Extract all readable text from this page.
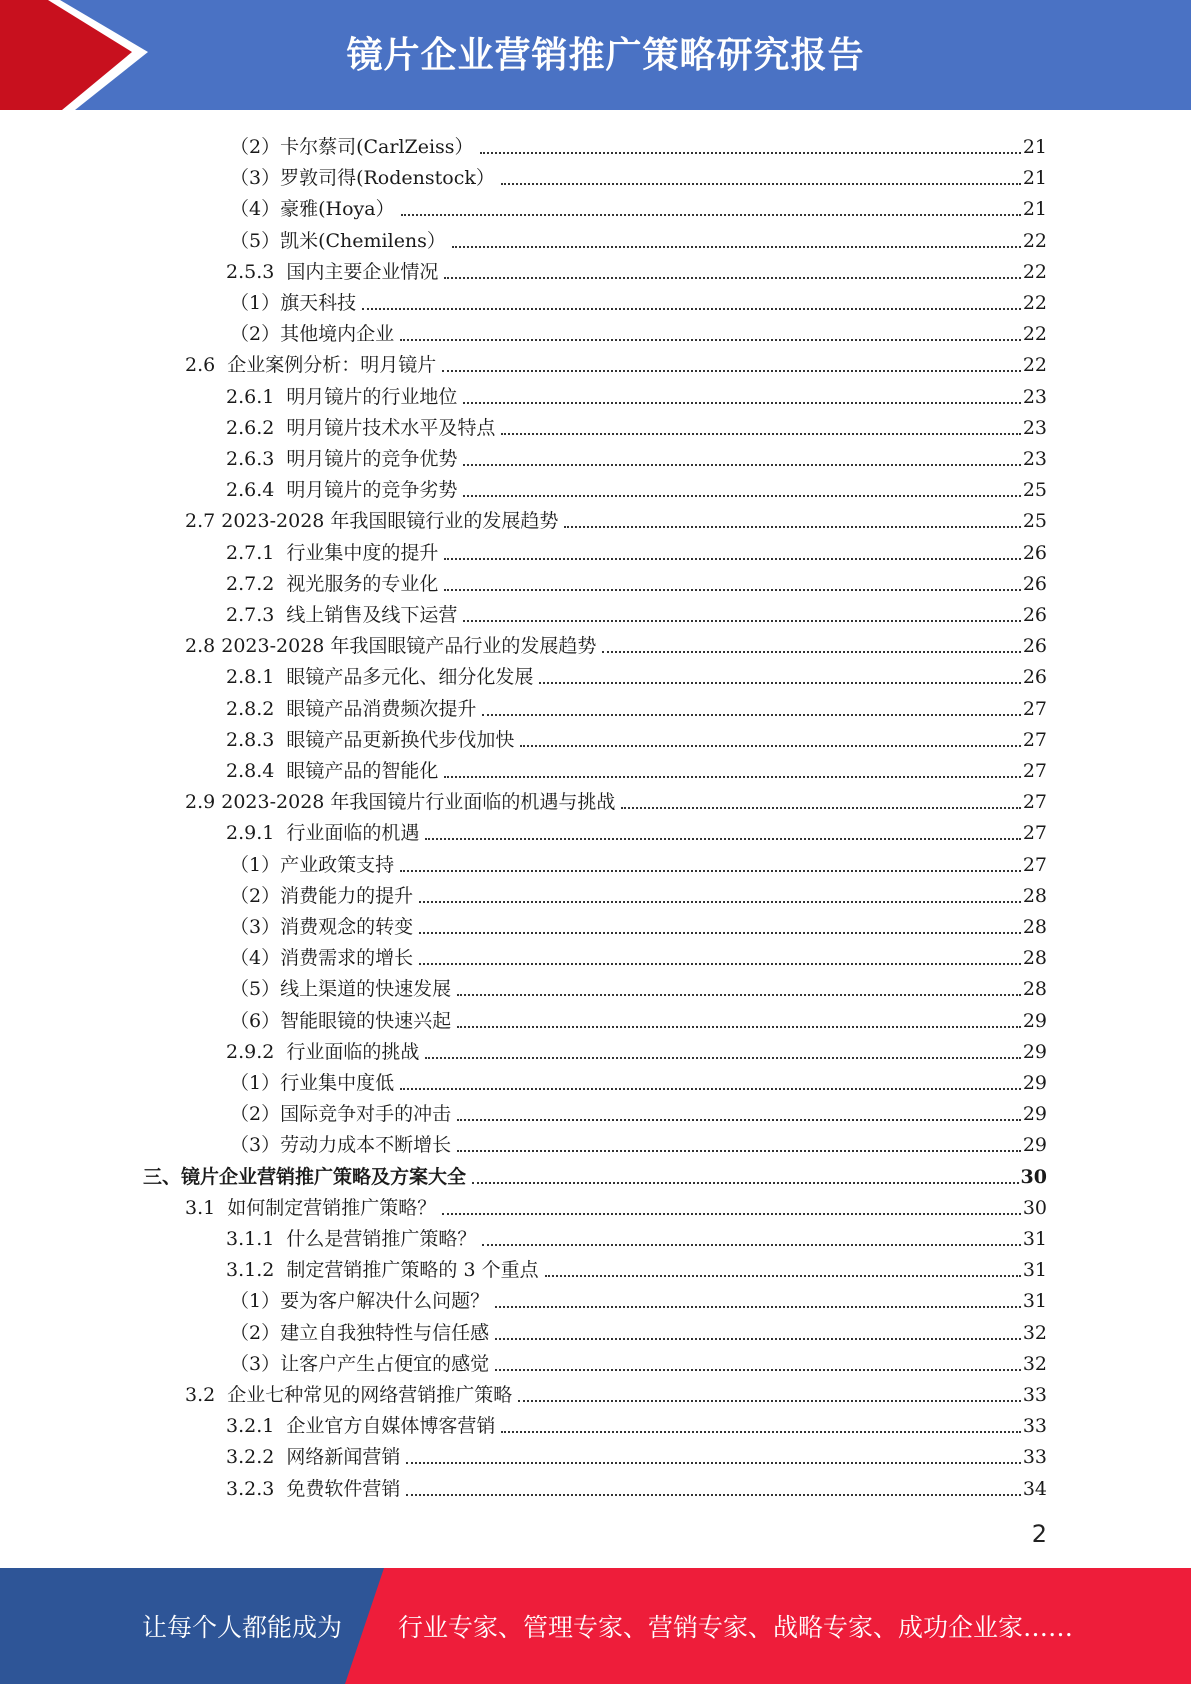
镜片企业营销推广策略研究报告
（2）卡尔蔡司(CarlZeiss）	21
（3）罗敦司得(Rodenstock）	21
（4）豪雅(Hoya）	21
（5）凯米(Chemilens）	22
2.5.3  国内主要企业情况	22
（1）旗天科技	22
（2）其他境内企业	22
2.6  企业案例分析：明月镜片	22
2.6.1  明月镜片的行业地位	23
2.6.2  明月镜片技术水平及特点	23
2.6.3  明月镜片的竞争优势	23
2.6.4  明月镜片的竞争劣势	25
2.7 2023-2028 年我国眼镜行业的发展趋势	25
2.7.1  行业集中度的提升	26
2.7.2  视光服务的专业化	26
2.7.3  线上销售及线下运营	26
2.8 2023-2028 年我国眼镜产品行业的发展趋势	26
2.8.1  眼镜产品多元化、细分化发展	26
2.8.2  眼镜产品消费频次提升	27
2.8.3  眼镜产品更新换代步伐加快	27
2.8.4  眼镜产品的智能化	27
2.9 2023-2028 年我国镜片行业面临的机遇与挑战	27
2.9.1  行业面临的机遇	27
（1）产业政策支持	27
（2）消费能力的提升	28
（3）消费观念的转变	28
（4）消费需求的增长	28
（5）线上渠道的快速发展	28
（6）智能眼镜的快速兴起	29
2.9.2  行业面临的挑战	29
（1）行业集中度低	29
（2）国际竞争对手的冲击	29
（3）劳动力成本不断增长	29
三、镜片企业营销推广策略及方案大全	30
3.1  如何制定营销推广策略？	30
3.1.1  什么是营销推广策略？	31
3.1.2  制定营销推广策略的 3 个重点	31
（1）要为客户解决什么问题？	31
（2）建立自我独特性与信任感	32
（3）让客户产生占便宜的感觉	32
3.2  企业七种常见的网络营销推广策略	33
3.2.1  企业官方自媒体博客营销	33
3.2.2  网络新闻营销	33
3.2.3  免费软件营销	34
2
让每个人都能成为 行业专家、管理专家、营销专家、战略专家、成功企业家……
